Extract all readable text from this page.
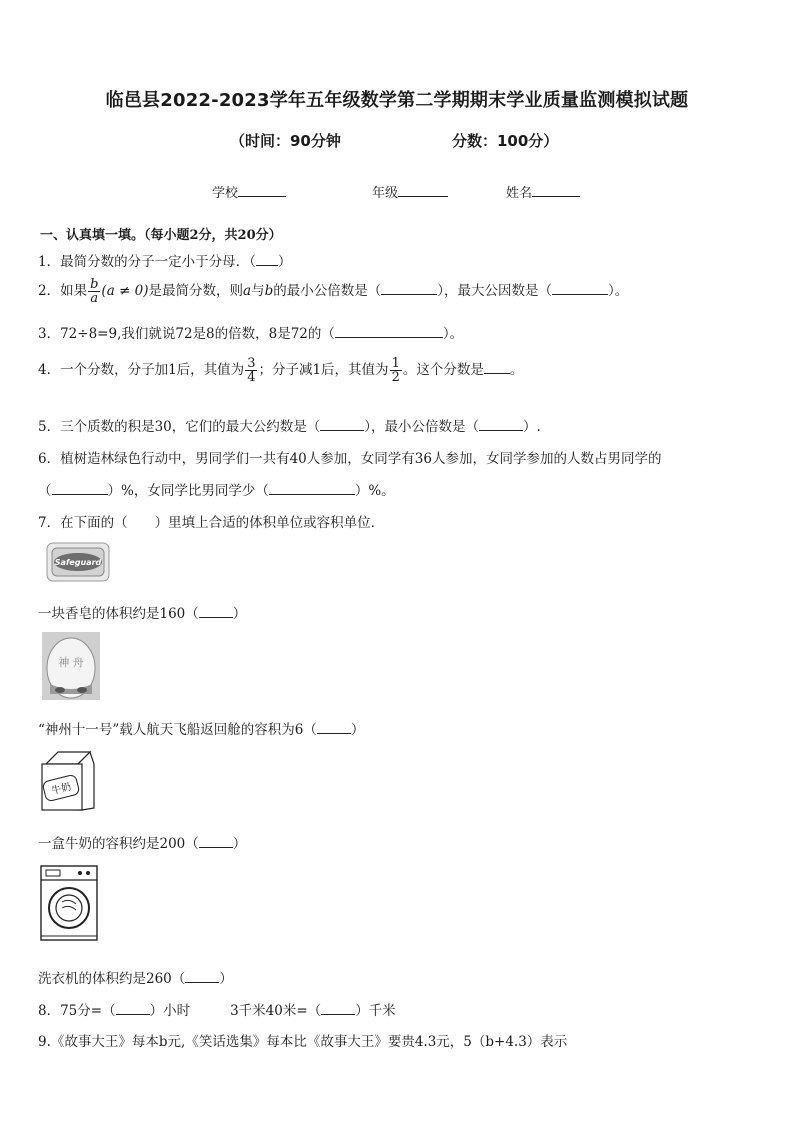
临邑县2022-2023学年五年级数学第二学期期末学业质量监测模拟试题
（时间：90分钟	分数：100分）
学校	年级	姓名
一、认真填一填。（每小题2分，共20分）
1．最简分数的分子一定小于分母．（ ）
2．如果 $\frac{b}{a} (a \ne 0)$是最简分数，则a与b的最小公倍数是（	），最大公因数是（	）。
3．72÷8=9,我们就说72是8的倍数，8是72的（	）。
4．一个分数，分子加1后，其值为 $\frac{3}{4}$ ；分子减1后，其值为 $\frac{1}{2}$ 。这个分数是 。
5．三个质数的积是30，它们的最大公约数是（	），最小公倍数是（	）.
6．植树造林绿色行动中，男同学们一共有40人参加，女同学有36人参加，女同学参加的人数占男同学的
（	）%，女同学比男同学少（	）%。
7．在下面的（　　）里填上合适的体积单位或容积单位．
Safeguard
一块香皂的体积约是160（	）
神 舟
“神州十一号”载人航天飞船返回舱的容积为6（	）
牛奶
一盒牛奶的容积约是200（	）
洗衣机的体积约是260（	）
8．75分=（	）小时	3千米40米=（	）千米
9.《故事大王》每本b元,《笑话选集》每本比《故事大王》要贵4.3元，5（b+4.3）表示
